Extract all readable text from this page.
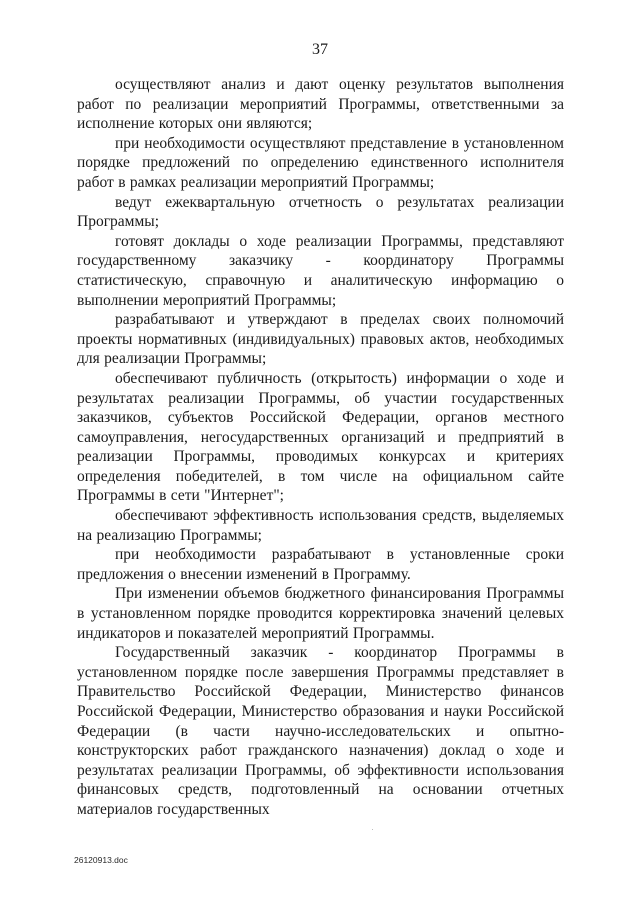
37

осуществляют анализ и дают оценку результатов выполнения работ по реализации мероприятий Программы, ответственными за исполнение которых они являются;

при необходимости осуществляют представление в установленном порядке предложений по определению единственного исполнителя работ в рамках реализации мероприятий Программы;

ведут ежеквартальную отчетность о результатах реализации Программы;

готовят доклады о ходе реализации Программы, представляют государственному заказчику - координатору Программы статистическую, справочную и аналитическую информацию о выполнении мероприятий Программы;

разрабатывают и утверждают в пределах своих полномочий проекты нормативных (индивидуальных) правовых актов, необходимых для реализации Программы;

обеспечивают публичность (открытость) информации о ходе и результатах реализации Программы, об участии государственных заказчиков, субъектов Российской Федерации, органов местного самоуправления, негосударственных организаций и предприятий в реализации Программы, проводимых конкурсах и критериях определения победителей, в том числе на официальном сайте Программы в сети "Интернет";

обеспечивают эффективность использования средств, выделяемых на реализацию Программы;

при необходимости разрабатывают в установленные сроки предложения о внесении изменений в Программу.

При изменении объемов бюджетного финансирования Программы в установленном порядке проводится корректировка значений целевых индикаторов и показателей мероприятий Программы.

Государственный заказчик - координатор Программы в установленном порядке после завершения Программы представляет в Правительство Российской Федерации, Министерство финансов Российской Федерации, Министерство образования и науки Российской Федерации (в части научно-исследовательских и опытно-конструкторских работ гражданского назначения) доклад о ходе и результатах реализации Программы, об эффективности использования финансовых средств, подготовленный на основании отчетных материалов государственных

26120913.doc
